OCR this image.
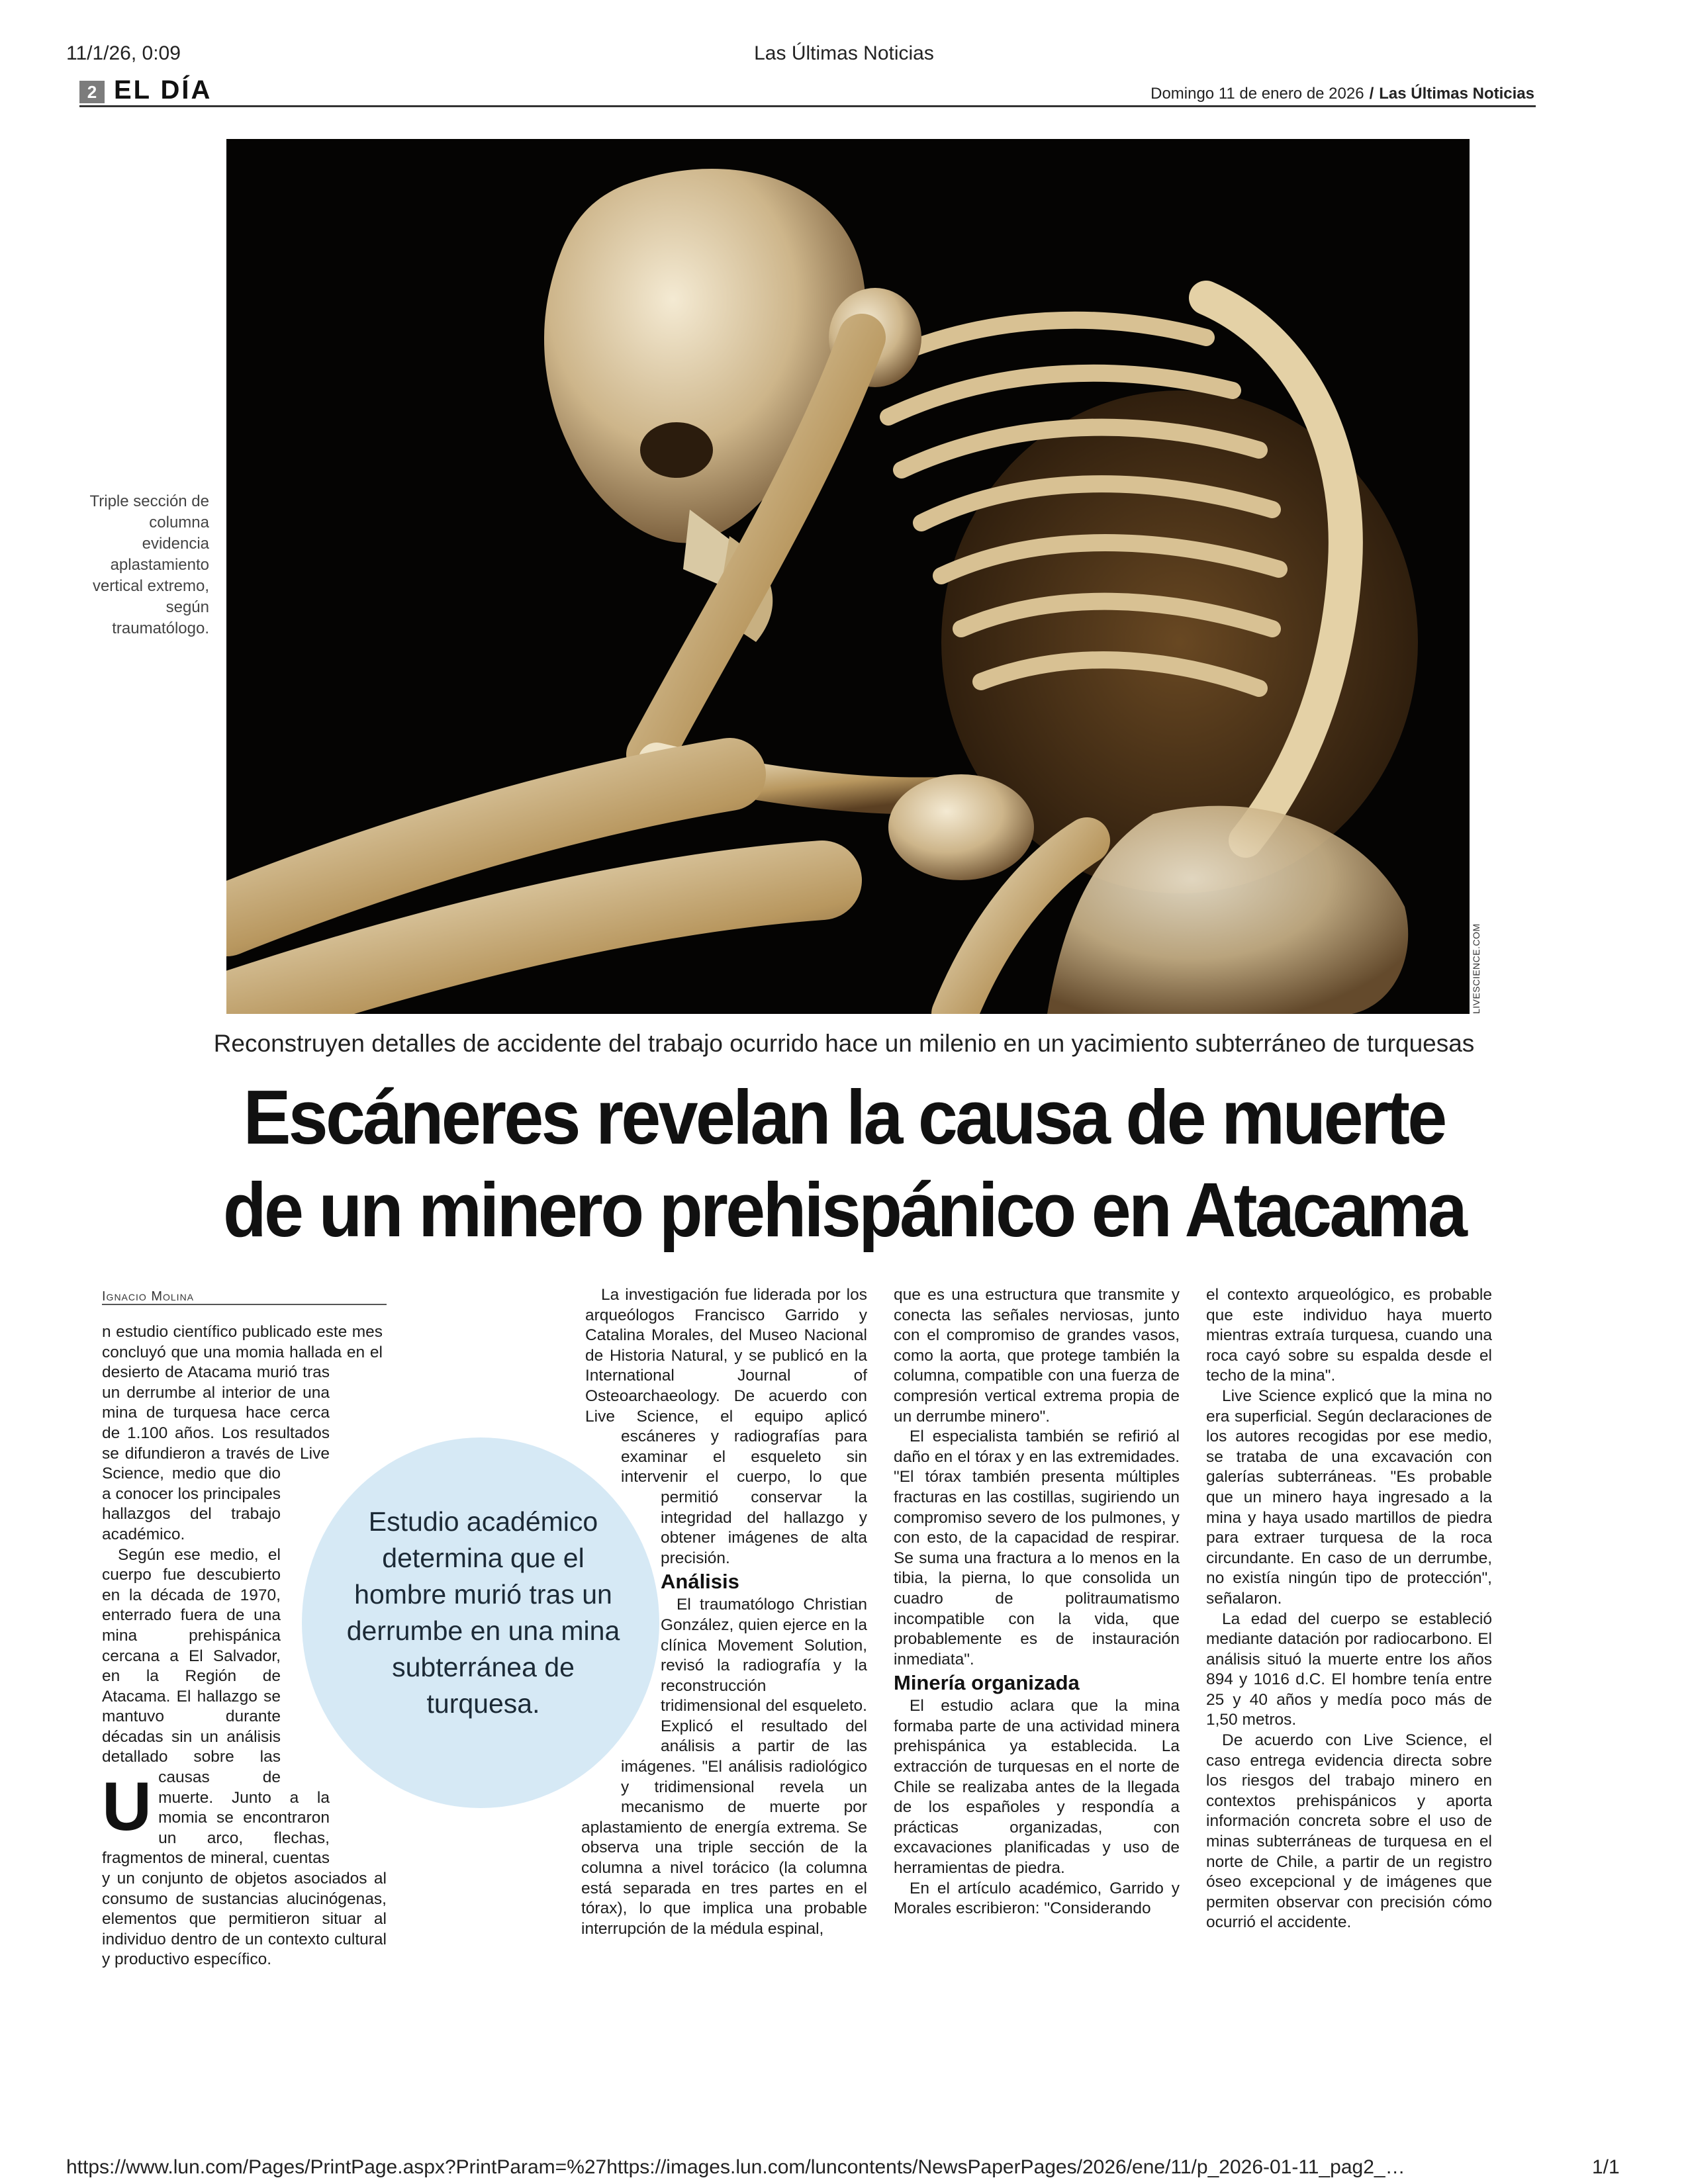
11/1/26, 0:09	Las Últimas Noticias
https://www.lun.com/Pages/PrintPage.aspx?PrintParam=%27https://images.lun.com/luncontents/NewsPaperPages/2026/ene/11/p_2026-01-11_pag2_…	1/1
2 EL DÍA	Domingo 11 de enero de 2026 / Las Últimas Noticias
LIVESCIENCE.COM
Triple sección de columna evidencia aplastamiento vertical extremo, según traumatólogo.
Reconstruyen detalles de accidente del trabajo ocurrido hace un milenio en un yacimiento subterráneo de turquesas
Escáneres revelan la causa de muerte
de un minero prehispánico en Atacama
Ignacio Molina
Estudio académico determina que el hombre murió tras un derrumbe en una mina subterránea de turquesa.
U

n estudio científico publicado este mes concluyó que una momia hallada en el desierto de Atacama murió tras un derrumbe al interior de una mina de turquesa hace cerca de 1.100 años. Los resultados se difundieron a través de Live Science, medio que dio a conocer los principales hallazgos del trabajo académico.

Según ese medio, el cuerpo fue descubierto en la década de 1970, enterrado fuera de una mina prehispánica cercana a El Salvador, en la Región de Atacama. El hallazgo se mantuvo durante décadas sin un análisis detallado sobre las causas de muerte. Junto a la momia se encontraron un arco, flechas, fragmentos de mineral, cuentas y un conjunto de objetos asociados al consumo de sustancias alucinógenas, elementos que permitieron situar al individuo dentro de un contexto cultural y productivo específico.

La investigación fue liderada por los arqueólogos Francisco Garrido y Catalina Morales, del Museo Nacional de Historia Natural, y se publicó en la International Journal of Osteoarchaeology. De acuerdo con Live Science, el equipo aplicó escáneres y radiografías para examinar el esqueleto sin intervenir el cuerpo, lo que permitió conservar la integridad del hallazgo y obtener imágenes de alta precisión.

Análisis

El traumatólogo Christian González, quien ejerce en la clínica Movement Solution, revisó la radiografía y la reconstrucción tridimensional del esqueleto. Explicó el resultado del análisis a partir de las imágenes. "El análisis radiológico y tridimensional revela un mecanismo de muerte por aplastamiento de energía extrema. Se observa una triple sección de la columna a nivel torácico (la columna está separada en tres partes en el tórax), lo que implica una probable interrupción de la médula espinal,

que es una estructura que transmite y conecta las señales nerviosas, junto con el compromiso de grandes vasos, como la aorta, que protege también la columna, compatible con una fuerza de compresión vertical extrema propia de un derrumbe minero".

El especialista también se refirió al daño en el tórax y en las extremidades. "El tórax también presenta múltiples fracturas en las costillas, sugiriendo un compromiso severo de los pulmones, y con esto, de la capacidad de respirar. Se suma una fractura a lo menos en la tibia, la pierna, lo que consolida un cuadro de politraumatismo incompatible con la vida, que probablemente es de instauración inmediata".

Minería organizada

El estudio aclara que la mina formaba parte de una actividad minera prehispánica ya establecida. La extracción de turquesas en el norte de Chile se realizaba antes de la llegada de los españoles y respondía a prácticas organizadas, con excavaciones planificadas y uso de herramientas de piedra.

En el artículo académico, Garrido y Morales escribieron: "Considerando

el contexto arqueológico, es probable que este individuo haya muerto mientras extraía turquesa, cuando una roca cayó sobre su espalda desde el techo de la mina".

Live Science explicó que la mina no era superficial. Según declaraciones de los autores recogidas por ese medio, se trataba de una excavación con galerías subterráneas. "Es probable que un minero haya ingresado a la mina y haya usado martillos de piedra para extraer turquesa de la roca circundante. En caso de un derrumbe, no existía ningún tipo de protección", señalaron.

La edad del cuerpo se estableció mediante datación por radiocarbono. El análisis situó la muerte entre los años 894 y 1016 d.C. El hombre tenía entre 25 y 40 años y medía poco más de 1,50 metros.

De acuerdo con Live Science, el caso entrega evidencia directa sobre los riesgos del trabajo minero en contextos prehispánicos y aporta información concreta sobre el uso de minas subterráneas de turquesa en el norte de Chile, a partir de un registro óseo excepcional y de imágenes que permiten observar con precisión cómo ocurrió el accidente.
